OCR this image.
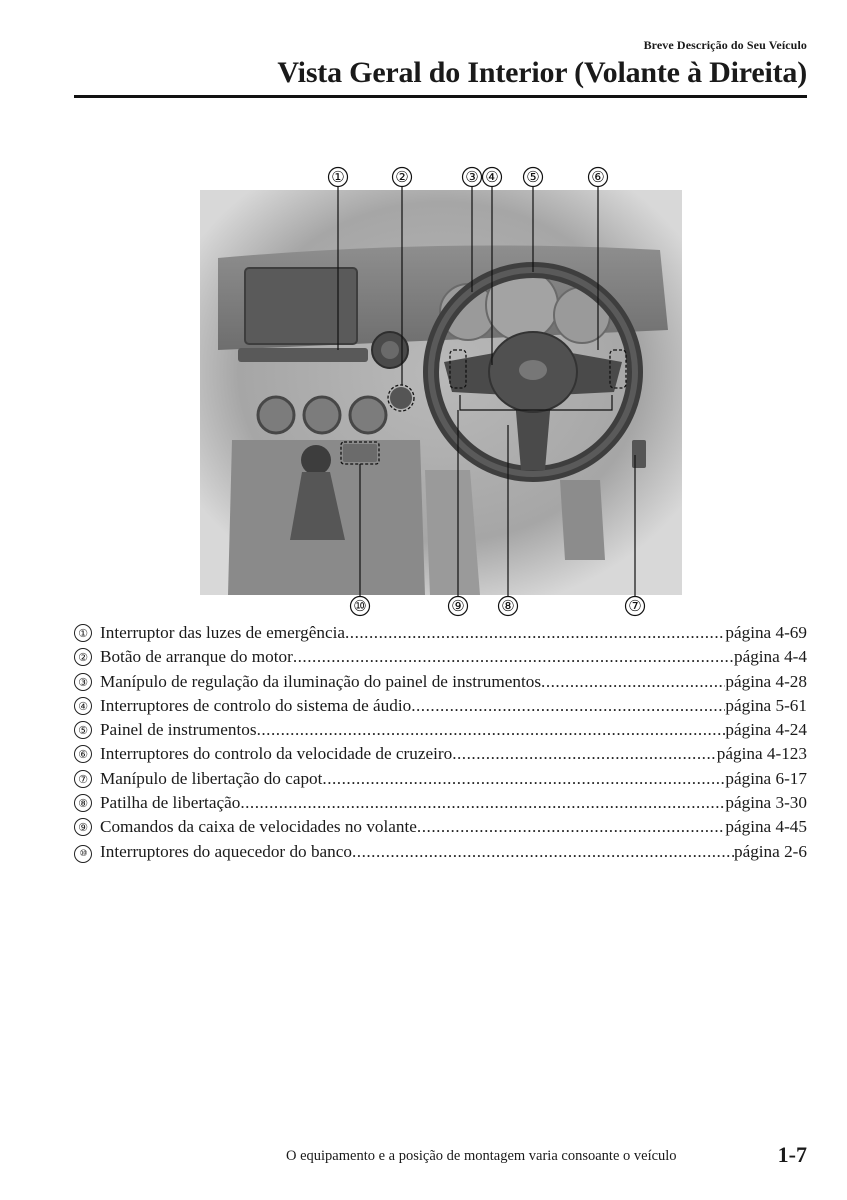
Breve Descrição do Seu Veículo
Vista Geral do Interior (Volante à Direita)
①	②	③ ④ ⑤	⑥
⑩	⑨ ⑧	⑦
① Interruptor das luzes de emergência .....	página 4-69
② Botão de arranque do motor .....	página 4-4
③ Manípulo de regulação da iluminação do painel de instrumentos .....	página 4-28
④ Interruptores de controlo do sistema de áudio .....	página 5-61
⑤ Painel de instrumentos .....	página 4-24
⑥ Interruptores do controlo da velocidade de cruzeiro .....	página 4-123
⑦ Manípulo de libertação do capot .....	página 6-17
⑧ Patilha de libertação .....	página 3-30
⑨ Comandos da caixa de velocidades no volante .....	página 4-45
⑩ Interruptores do aquecedor do banco .....	página 2-6
O equipamento e a posição de montagem varia consoante o veículo	1-7
